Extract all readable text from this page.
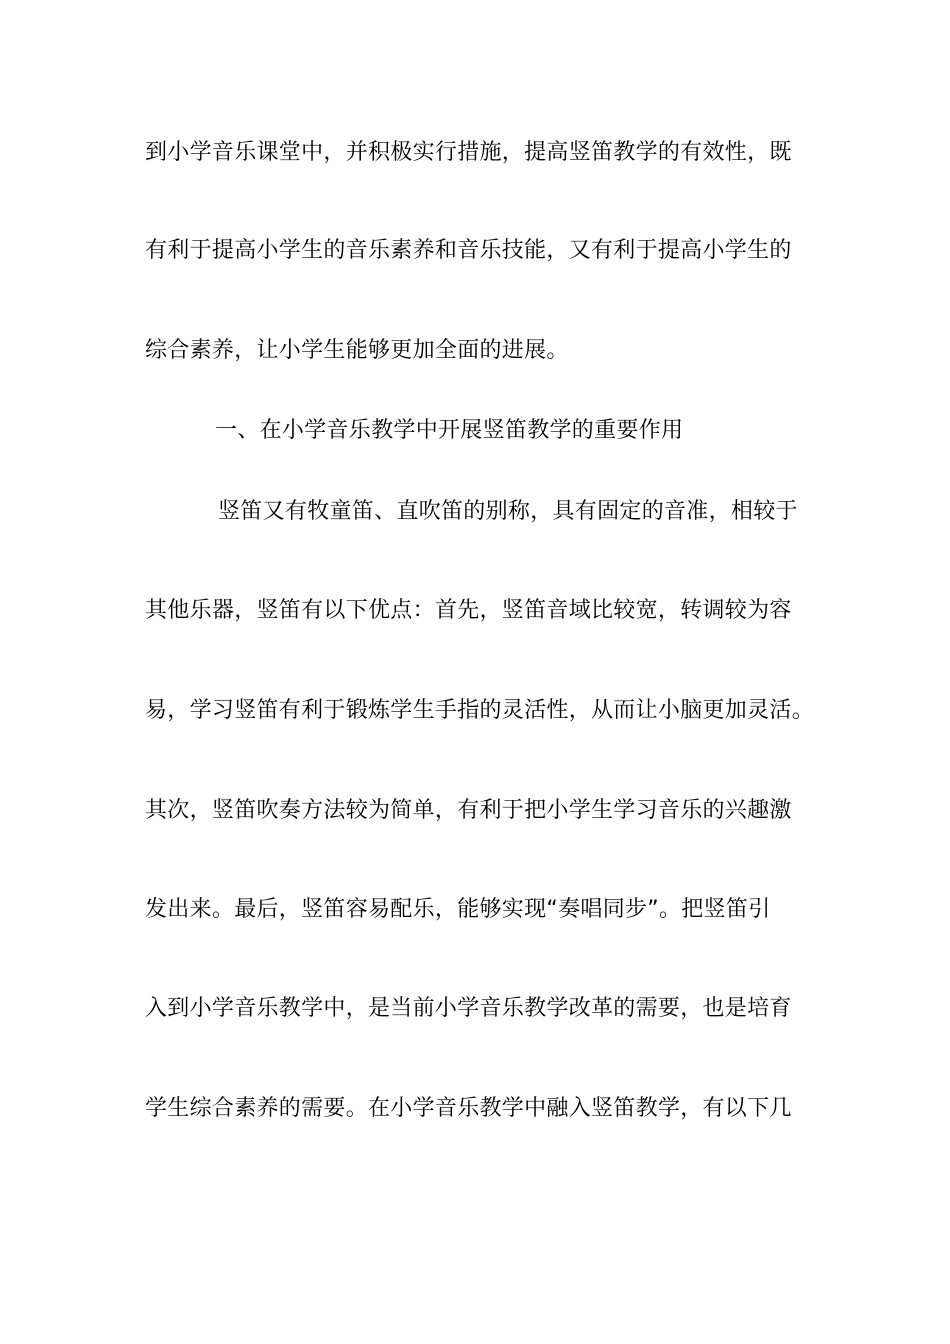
到小学音乐课堂中，并积极实行措施，提高竖笛教学的有效性，既
有利于提高小学生的音乐素养和音乐技能，又有利于提高小学生的
综合素养，让小学生能够更加全面的进展。
一、在小学音乐教学中开展竖笛教学的重要作用
竖笛又有牧童笛、直吹笛的别称，具有固定的音准，相较于
其他乐器，竖笛有以下优点：首先，竖笛音域比较宽，转调较为容
易，学习竖笛有利于锻炼学生手指的灵活性，从而让小脑更加灵活。
其次，竖笛吹奏方法较为简单，有利于把小学生学习音乐的兴趣激
发出来。最后，竖笛容易配乐，能够实现“奏唱同步”。把竖笛引
入到小学音乐教学中，是当前小学音乐教学改革的需要，也是培育
学生综合素养的需要。在小学音乐教学中融入竖笛教学，有以下几
